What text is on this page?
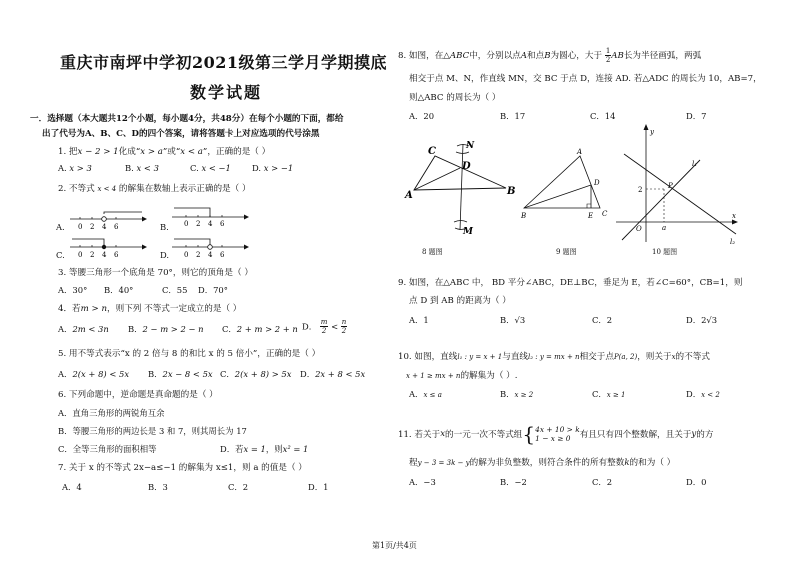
重庆市南坪中学初2021级第三学月学期摸底
数学试题
一．选择题（本大题共12个小题，每小题4分，共48分）在每个小题的下面，都给
出了代号为A、B、C、D的四个答案，请将答题卡上对应选项的代号涂黑
1. 把x − 2 > 1化成“x > a”或“x < a”，正确的是（ ）
A. x > 3	B. x < 3	C. x < −1	D. x > −1
2. 不等式 x < 4 的解集在数轴上表示正确的是（ ）
A.	B.
C.	D.
0 2 4 6	0 2 4 6
0 2 4 6	0 2 4 6
3. 等腰三角形一个底角是 70°，则它的顶角是（ ）
A．30° B．40°	C．55 D．70°
4．若m > n，则下列 不等式一定成立的是（ ）
A．2m < 3n B．2 − m > 2 − n C．2 + m > 2 + n D． $\frac{m}{2} < \frac{n}{2}$
5. 用不等式表示“x 的 2 倍与 8 的和比 x 的 5 倍小”，正确的是（ ）
A．2(x + 8) < 5x B．2x − 8 < 5x C．2(x + 8) > 5x D．2x + 8 < 5x
6. 下列命题中，逆命题是真命题的是（ ）
A．直角三角形的两锐角互余
B．等腰三角形的两边长是 3 和 7，则其周长为 17
C．全等三角形的面积相等	D．若x = 1，则x² = 1
7. 关于 x 的不等式 2x−a≤−1 的解集为 x≤1，则 a 的值是（ ）
A．4	B．3	C．2	D．1
8. 如图，在△ABC中，分别以点A和点B为圆心，大于 $\frac{1}{2}$ AB长为半径画弧，两弧
相交于点 M、N，作直线 MN，交 BC 于点 D，连接 AD. 若△ADC 的周长为 10，AB=7，
则△ABC 的周长为（ ）
A．20	B．17	C．14	D．7
C	N
D
A	B
M
8 题图
A
D
B	E C
9 题图
y
l₁
P
2
O	a
x
l₂
10 题图
9. 如图，在△ABC 中， BD 平分∠ABC，DE⊥BC，垂足为 E，若∠C=60°，CB=1，则
点 D 到 AB 的距离为（ ）
A．1	B．√3	C．2	D．2√3
10. 如图，直线l₁ : y = x + 1与直线l₂ : y = mx + n相交于点P(a, 2)，则关于x的不等式
x + 1 ≥ mx + n的解集为（ ）.
A．x ≤ a	B．x ≥ 2	C．x ≥ 1	D．x < 2
11. 若关于x的一元一次不等式组{ 4x + 10 > k
1 − x ≥ 0	有且只有四个整数解，且关于y的方
程y − 3 = 3k − y的解为非负整数，则符合条件的所有整数k的和为（ ）
A．−3	B．−2	C．2	D．0
第1页/共4页
